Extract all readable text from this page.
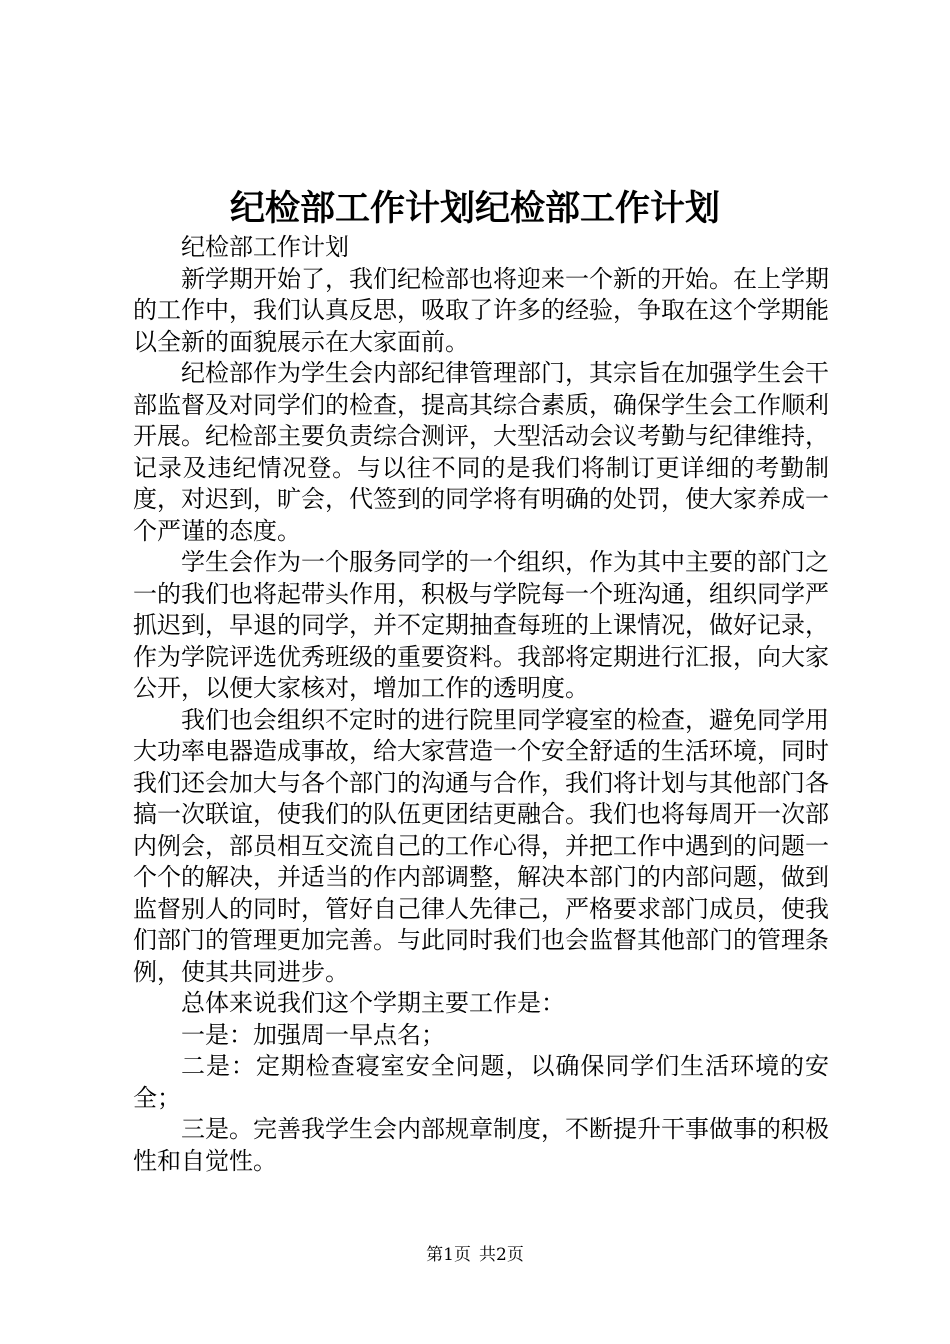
纪检部工作计划纪检部工作计划

纪检部工作计划

新学期开始了，我们纪检部也将迎来一个新的开始。在上学期的工作中，我们认真反思，吸取了许多的经验，争取在这个学期能以全新的面貌展示在大家面前。

纪检部作为学生会内部纪律管理部门，其宗旨在加强学生会干部监督及对同学们的检查，提高其综合素质，确保学生会工作顺利开展。纪检部主要负责综合测评，大型活动会议考勤与纪律维持，记录及违纪情况登。与以往不同的是我们将制订更详细的考勤制度，对迟到，旷会，代签到的同学将有明确的处罚，使大家养成一个严谨的态度。

学生会作为一个服务同学的一个组织，作为其中主要的部门之一的我们也将起带头作用，积极与学院每一个班沟通，组织同学严抓迟到，早退的同学，并不定期抽查每班的上课情况，做好记录，作为学院评选优秀班级的重要资料。我部将定期进行汇报，向大家公开，以便大家核对，增加工作的透明度。

我们也会组织不定时的进行院里同学寝室的检查，避免同学用大功率电器造成事故，给大家营造一个安全舒适的生活环境，同时我们还会加大与各个部门的沟通与合作，我们将计划与其他部门各搞一次联谊，使我们的队伍更团结更融合。我们也将每周开一次部内例会，部员相互交流自己的工作心得，并把工作中遇到的问题一个个的解决，并适当的作内部调整，解决本部门的内部问题，做到监督别人的同时，管好自己律人先律己，严格要求部门成员，使我们部门的管理更加完善。与此同时我们也会监督其他部门的管理条例，使其共同进步。

总体来说我们这个学期主要工作是：

一是：加强周一早点名；

二是：定期检查寝室安全问题，以确保同学们生活环境的安全；

三是。完善我学生会内部规章制度，不断提升干事做事的积极性和自觉性。

第1页 共2页
